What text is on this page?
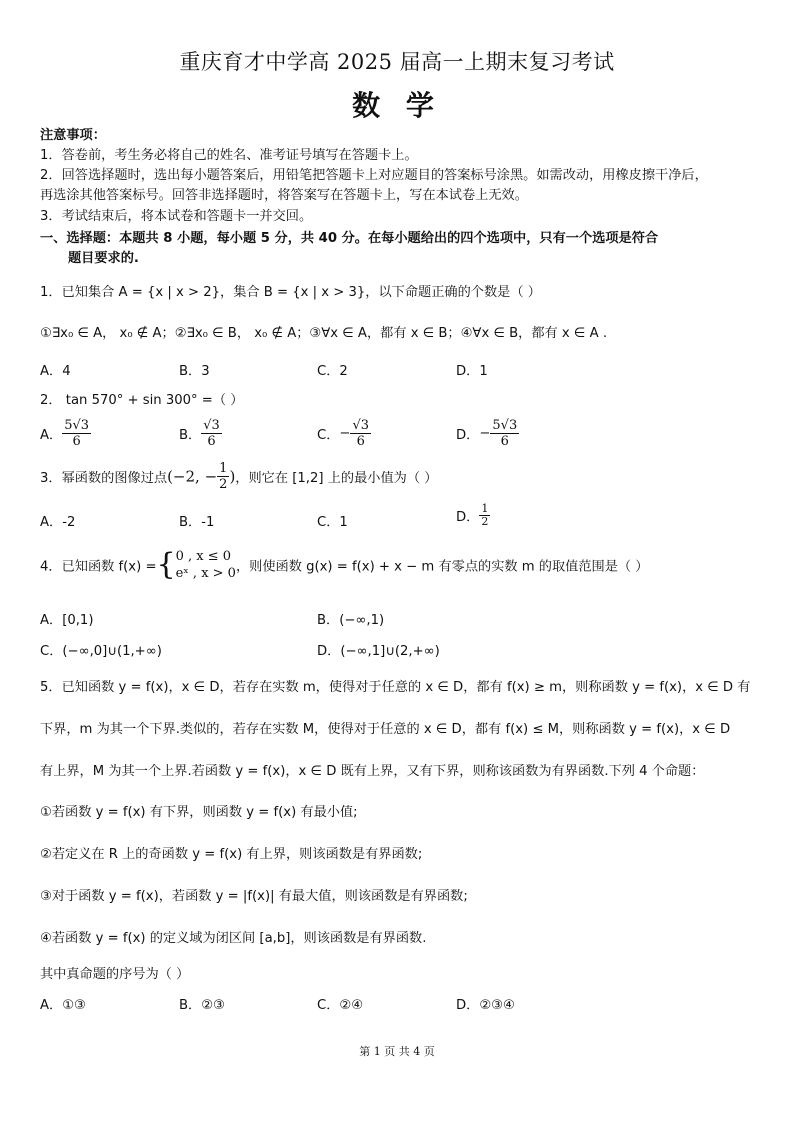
重庆育才中学高 2025 届高一上期末复习考试
数 学
注意事项：
1．答卷前，考生务必将自己的姓名、准考证号填写在答题卡上。
2．回答选择题时，选出每小题答案后，用铅笔把答题卡上对应题目的答案标号涂黑。如需改动，用橡皮擦干净后，
再选涂其他答案标号。回答非选择题时，将答案写在答题卡上，写在本试卷上无效。
3．考试结束后，将本试卷和答题卡一并交回。
一、选择题：本题共 8 小题，每小题 5 分，共 40 分。在每小题给出的四个选项中，只有一个选项是符合
题目要求的.
1．已知集合 A = {x | x > 2}，集合 B = {x | x > 3}，以下命题正确的个数是（ ）
①∃x₀ ∈ A， x₀ ∉ A；②∃x₀ ∈ B， x₀ ∉ A；③∀x ∈ A，都有 x ∈ B；④∀x ∈ B，都有 x ∈ A .
A．4	B．3	C．2	D．1
2． tan 570° + sin 300° =（ ）
A． $\frac{5√3}{6}$	B． $\frac{√3}{6}$	C．− $\frac{√3}{6}$	D．− $\frac{5√3}{6}$
3．幂函数的图像过点(−2, − $\frac{1}{2}$ )，则它在 [1,2] 上的最小值为（ ）
A．-2	B．-1	C．1	D． $\frac{1}{2}$
4．已知函数 f(x) ={ 0 , x ≤ 0
eˣ , x > 0 ，则使函数 g(x) = f(x) + x − m 有零点的实数 m 的取值范围是（ ）
A．[0,1)	B．(−∞,1)
C．(−∞,0]∪(1,+∞)	D．(−∞,1]∪(2,+∞)
5．已知函数 y = f(x)，x ∈ D，若存在实数 m，使得对于任意的 x ∈ D，都有 f(x) ≥ m，则称函数 y = f(x)，x ∈ D 有
下界，m 为其一个下界.类似的，若存在实数 M，使得对于任意的 x ∈ D，都有 f(x) ≤ M，则称函数 y = f(x)，x ∈ D
有上界，M 为其一个上界.若函数 y = f(x)，x ∈ D 既有上界，又有下界，则称该函数为有界函数.下列 4 个命题：
①若函数 y = f(x) 有下界，则函数 y = f(x) 有最小值;
②若定义在 R 上的奇函数 y = f(x) 有上界，则该函数是有界函数;
③对于函数 y = f(x)，若函数 y = |f(x)| 有最大值，则该函数是有界函数;
④若函数 y = f(x) 的定义域为闭区间 [a,b]，则该函数是有界函数.
其中真命题的序号为（ ）
A．①③	B．②③	C．②④	D．②③④
第 1 页 共 4 页
